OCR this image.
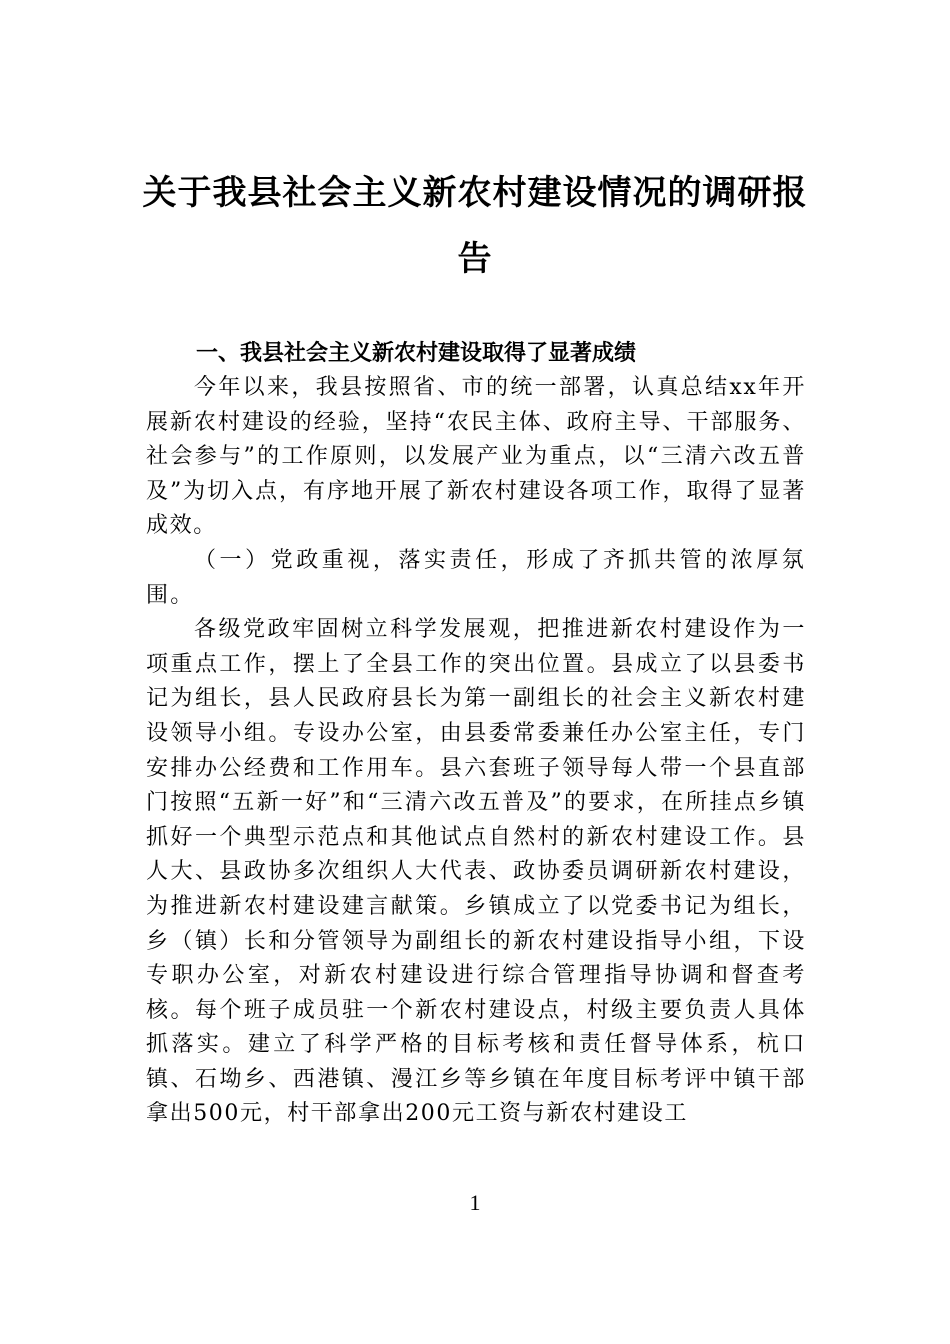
关于我县社会主义新农村建设情况的调研报告
一、我县社会主义新农村建设取得了显著成绩

今年以来，我县按照省、市的统一部署，认真总结xx年开展新农村建设的经验，坚持“农民主体、政府主导、干部服务、社会参与”的工作原则，以发展产业为重点，以“三清六改五普及”为切入点，有序地开展了新农村建设各项工作，取得了显著成效。

（一）党政重视，落实责任，形成了齐抓共管的浓厚氛围。

各级党政牢固树立科学发展观，把推进新农村建设作为一项重点工作，摆上了全县工作的突出位置。县成立了以县委书记为组长，县人民政府县长为第一副组长的社会主义新农村建设领导小组。专设办公室，由县委常委兼任办公室主任，专门安排办公经费和工作用车。县六套班子领导每人带一个县直部门按照“五新一好”和“三清六改五普及”的要求，在所挂点乡镇抓好一个典型示范点和其他试点自然村的新农村建设工作。县人大、县政协多次组织人大代表、政协委员调研新农村建设，为推进新农村建设建言献策。乡镇成立了以党委书记为组长，乡（镇）长和分管领导为副组长的新农村建设指导小组，下设专职办公室，对新农村建设进行综合管理指导协调和督查考核。每个班子成员驻一个新农村建设点，村级主要负责人具体抓落实。建立了科学严格的目标考核和责任督导体系，杭口镇、石坳乡、西港镇、漫江乡等乡镇在年度目标考评中镇干部拿出500元，村干部拿出200元工资与新农村建设工

1
